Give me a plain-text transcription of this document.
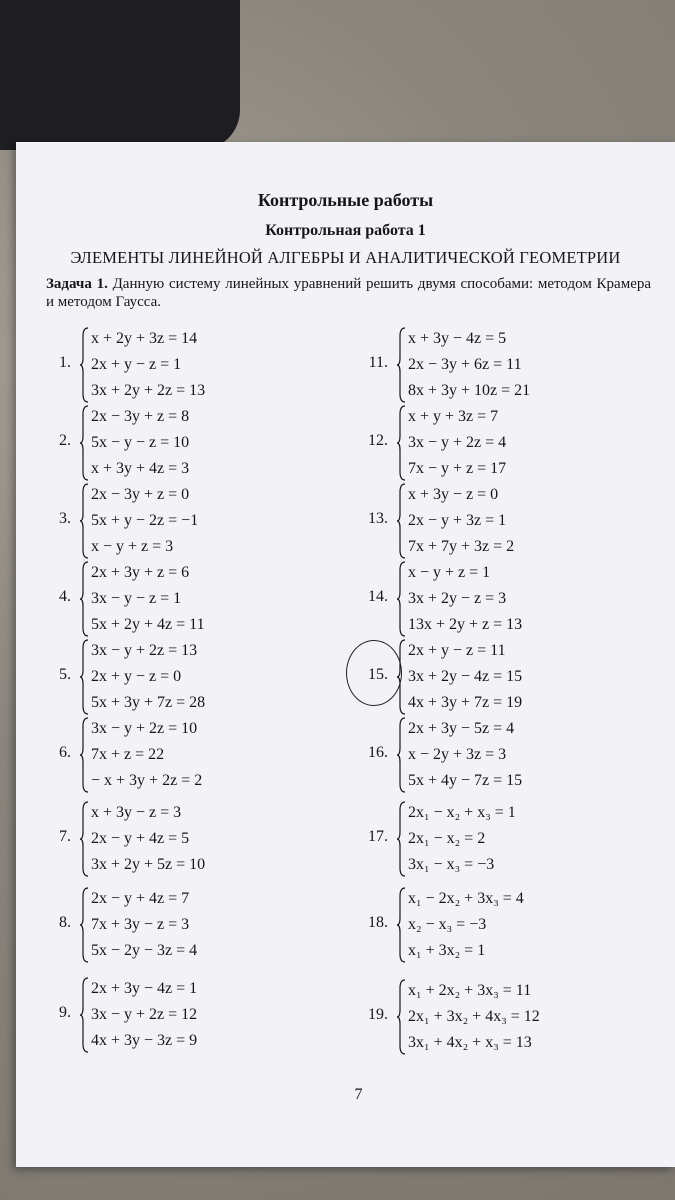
Контрольные работы
Контрольная работа 1
ЭЛЕМЕНТЫ ЛИНЕЙНОЙ АЛГЕБРЫ И АНАЛИТИЧЕСКОЙ ГЕОМЕТРИИ
Задача 1. Данную систему линейных уравнений решить двумя способами: методом Крамера и методом Гаусса.
1.
x + 2y + 3z = 14
2x + y − z = 1
3x + 2y + 2z = 13
2.
2x − 3y + z = 8
5x − y − z = 10
x + 3y + 4z = 3
3.
2x − 3y + z = 0
5x + y − 2z = −1
x − y + z = 3
4.
2x + 3y + z = 6
3x − y − z = 1
5x + 2y + 4z = 11
5.
3x − y + 2z = 13
2x + y − z = 0
5x + 3y + 7z = 28
6.
3x − y + 2z = 10
7x + z = 22
− x + 3y + 2z = 2
7.
x + 3y − z = 3
2x − y + 4z = 5
3x + 2y + 5z = 10
8.
2x − y + 4z = 7
7x + 3y − z = 3
5x − 2y − 3z = 4
9.
2x + 3y − 4z = 1
3x − y + 2z = 12
4x + 3y − 3z = 9
11.
x + 3y − 4z = 5
2x − 3y + 6z = 11
8x + 3y + 10z = 21
12.
x + y + 3z = 7
3x − y + 2z = 4
7x − y + z = 17
13.
x + 3y − z = 0
2x − y + 3z = 1
7x + 7y + 3z = 2
14.
x − y + z = 1
3x + 2y − z = 3
13x + 2y + z = 13
15.
2x + y − z = 11
3x + 2y − 4z = 15
4x + 3y + 7z = 19
16.
2x + 3y − 5z = 4
x − 2y + 3z = 3
5x + 4y − 7z = 15
17.
2x₁ − x₂ + x₃ = 1
2x₁ − x₂ = 2
3x₁ − x₃ = −3
18.
x₁ − 2x₂ + 3x₃ = 4
x₂ − x₃ = −3
x₁ + 3x₂ = 1
19.
x₁ + 2x₂ + 3x₃ = 11
2x₁ + 3x₂ + 4x₃ = 12
3x₁ + 4x₂ + x₃ = 13
7
